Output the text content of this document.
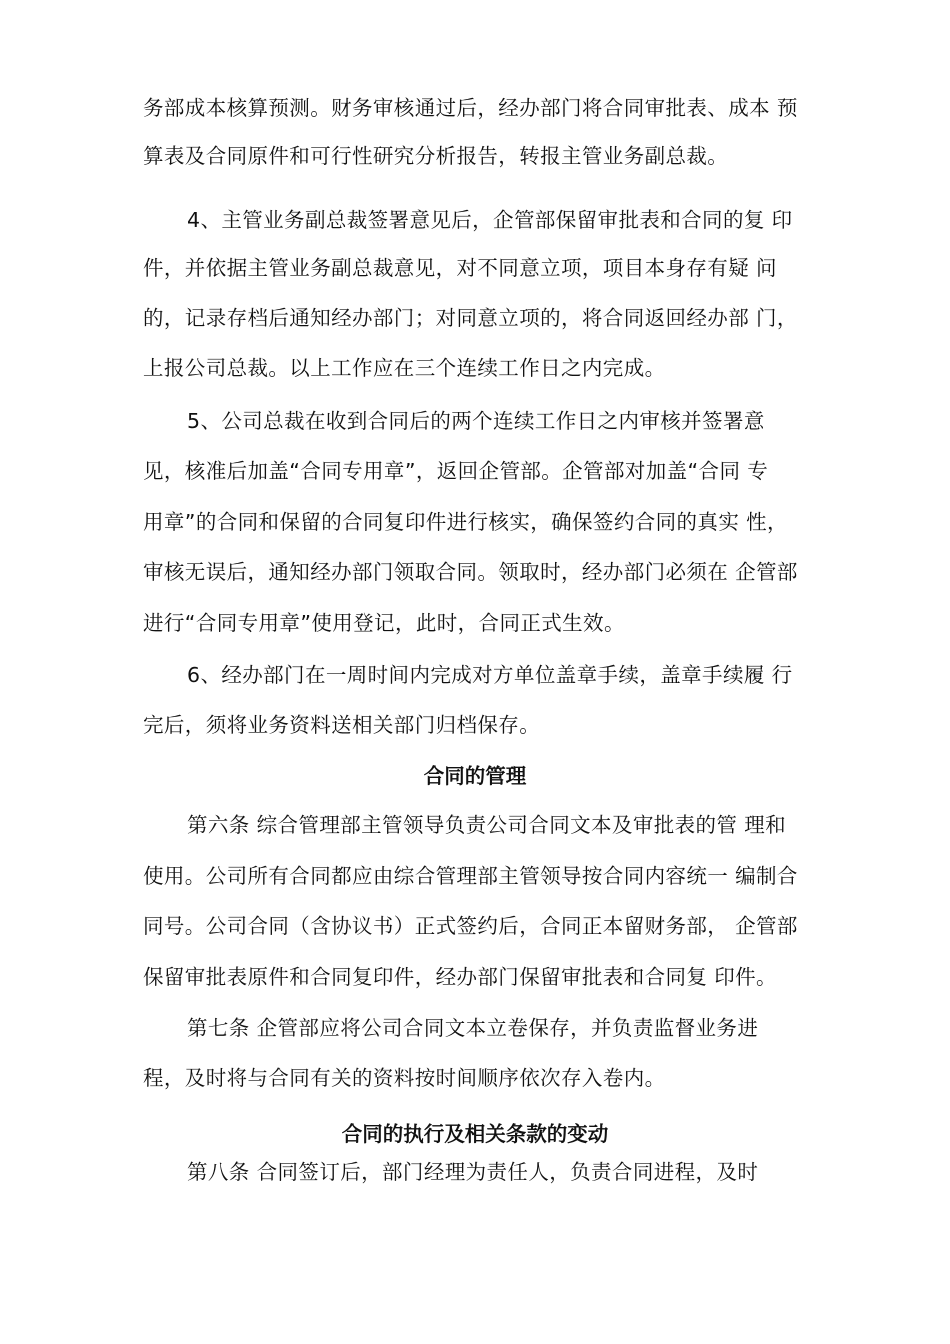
务部成本核算预测。财务审核通过后，经办部门将合同审批表、成本 预
算表及合同原件和可行性研究分析报告，转报主管业务副总裁。
4、主管业务副总裁签署意见后，企管部保留审批表和合同的复 印
件，并依据主管业务副总裁意见，对不同意立项，项目本身存有疑 问
的，记录存档后通知经办部门；对同意立项的，将合同返回经办部 门，
上报公司总裁。以上工作应在三个连续工作日之内完成。
5、公司总裁在收到合同后的两个连续工作日之内审核并签署意
见，核准后加盖“合同专用章”，返回企管部。企管部对加盖“合同 专
用章”的合同和保留的合同复印件进行核实，确保签约合同的真实 性，
审核无误后，通知经办部门领取合同。领取时，经办部门必须在 企管部
进行“合同专用章”使用登记，此时，合同正式生效。
6、经办部门在一周时间内完成对方单位盖章手续，盖章手续履 行
完后，须将业务资料送相关部门归档保存。
合同的管理
第六条 综合管理部主管领导负责公司合同文本及审批表的管 理和
使用。公司所有合同都应由综合管理部主管领导按合同内容统一 编制合
同号。公司合同（含协议书）正式签约后，合同正本留财务部， 企管部
保留审批表原件和合同复印件，经办部门保留审批表和合同复 印件。
第七条 企管部应将公司合同文本立卷保存，并负责监督业务进
程，及时将与合同有关的资料按时间顺序依次存入卷内。
合同的执行及相关条款的变动
第八条 合同签订后，部门经理为责任人，负责合同进程，及时
